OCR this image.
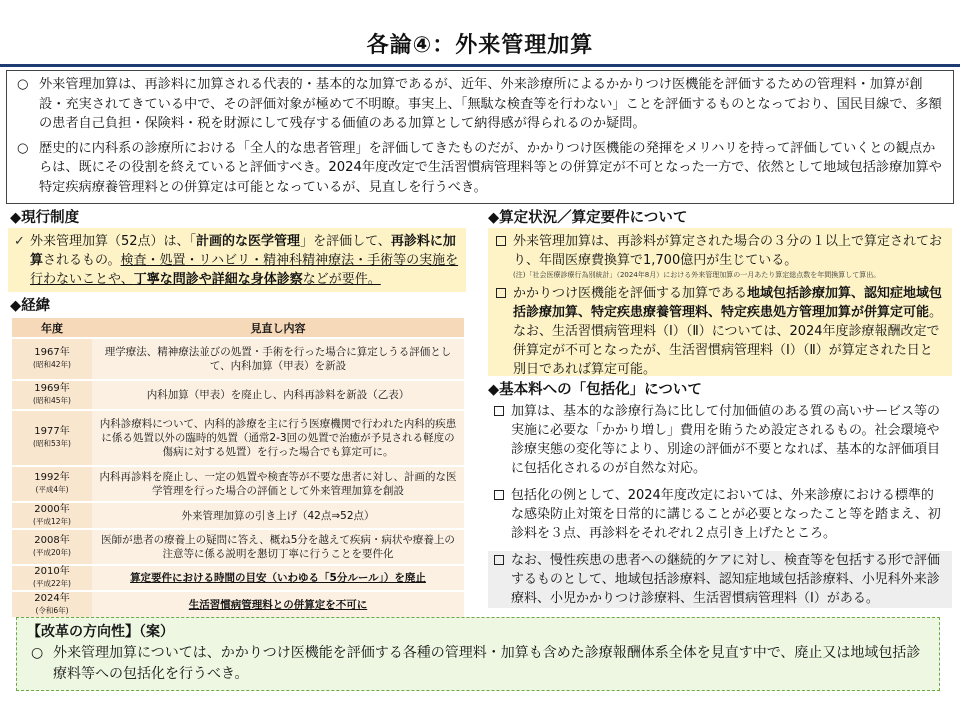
各論④：外来管理加算
○ 外来管理加算は、再診料に加算される代表的・基本的な加算であるが、近年、外来診療所によるかかりつけ医機能を評価するための管理料・加算が創設・充実されてきている中で、その評価対象が極めて不明瞭。事実上、「無駄な検査等を行わない」ことを評価するものとなっており、国民目線で、多額の患者自己負担・保険料・税を財源にして残存する価値のある加算として納得感が得られるのか疑問。
○ 歴史的に内科系の診療所における「全人的な患者管理」を評価してきたものだが、かかりつけ医機能の発揮をメリハリを持って評価していくとの観点からは、既にその役割を終えていると評価すべき。2024年度改定で生活習慣病管理料等との併算定が不可となった一方で、依然として地域包括診療加算や特定疾病療養管理料との併算定は可能となっているが、見直しを行うべき。
◆現行制度
✓ 外来管理加算（52点）は、「計画的な医学管理」を評価して、再診料に加算されるもの。検査・処置・リハビリ・精神科精神療法・手術等の実施を行わないことや、丁寧な問診や詳細な身体診察などが要件。

◆経緯
年度	見直し内容
1967年
(昭和42年)	理学療法、精神療法並びの処置・手術を行った場合に算定しうる評価として、内科加算（甲表）を新設
1969年
(昭和45年)	内科加算（甲表）を廃止し、内科再診料を新設（乙表）
1977年
(昭和53年)	内科診療料について、内科的診療を主に行う医療機関で行われた内科的疾患に係る処置以外の臨時的処置（通常2-3回の処置で治癒が予見される軽度の傷病に対する処置）を行った場合でも算定可に。
1992年
(平成4年)	内科再診料を廃止し、一定の処置や検査等が不要な患者に対し、計画的な医学管理を行った場合の評価として外来管理加算を創設
2000年
(平成12年)	外来管理加算の引き上げ（42点⇒52点）
2008年
(平成20年)	医師が患者の療養上の疑問に答え、概ね5分を越えて疾病・病状や療養上の注意等に係る説明を懇切丁寧に行うことを要件化
2010年
(平成22年)	算定要件における時間の目安（いわゆる「5分ルール」）を廃止
2024年
(令和6年)	生活習慣病管理料との併算定を不可に
◆算定状況／算定要件について
外来管理加算は、再診料が算定された場合の３分の１以上で算定されており、年間医療費換算で1,700億円が生じている。
(注)「社会医療診療行為別統計」（2024年8月）における外来管理加算の一月あたり算定総点数を年間換算して算出。
かかりつけ医機能を評価する加算である地域包括診療加算、認知症地域包括診療加算、特定疾患療養管理料、特定疾患処方管理加算が併算定可能。なお、生活習慣病管理料（Ⅰ）（Ⅱ）については、2024年度診療報酬改定で併算定が不可となったが、生活習慣病管理料（Ⅰ）（Ⅱ）が算定された日と別日であれば算定可能。
◆基本料への「包括化」について
加算は、基本的な診療行為に比して付加価値のある質の高いサービス等の実施に必要な「かかり増し」費用を賄うため設定されるもの。社会環境や診療実態の変化等により、別途の評価が不要となれば、基本的な評価項目に包括化されるのが自然な対応。
包括化の例として、2024年度改定においては、外来診療における標準的な感染防止対策を日常的に講じることが必要となったこと等を踏まえ、初診料を３点、再診料をそれぞれ２点引き上げたところ。
なお、慢性疾患の患者への継続的ケアに対し、検査等を包括する形で評価するものとして、地域包括診療料、認知症地域包括診療料、小児科外来診療料、小児かかりつけ診療料、生活習慣病管理料（Ⅰ）がある。
【改革の方向性】（案）
○ 外来管理加算については、かかりつけ医機能を評価する各種の管理料・加算も含めた診療報酬体系全体を見直す中で、廃止又は地域包括診療料等への包括化を行うべき。
